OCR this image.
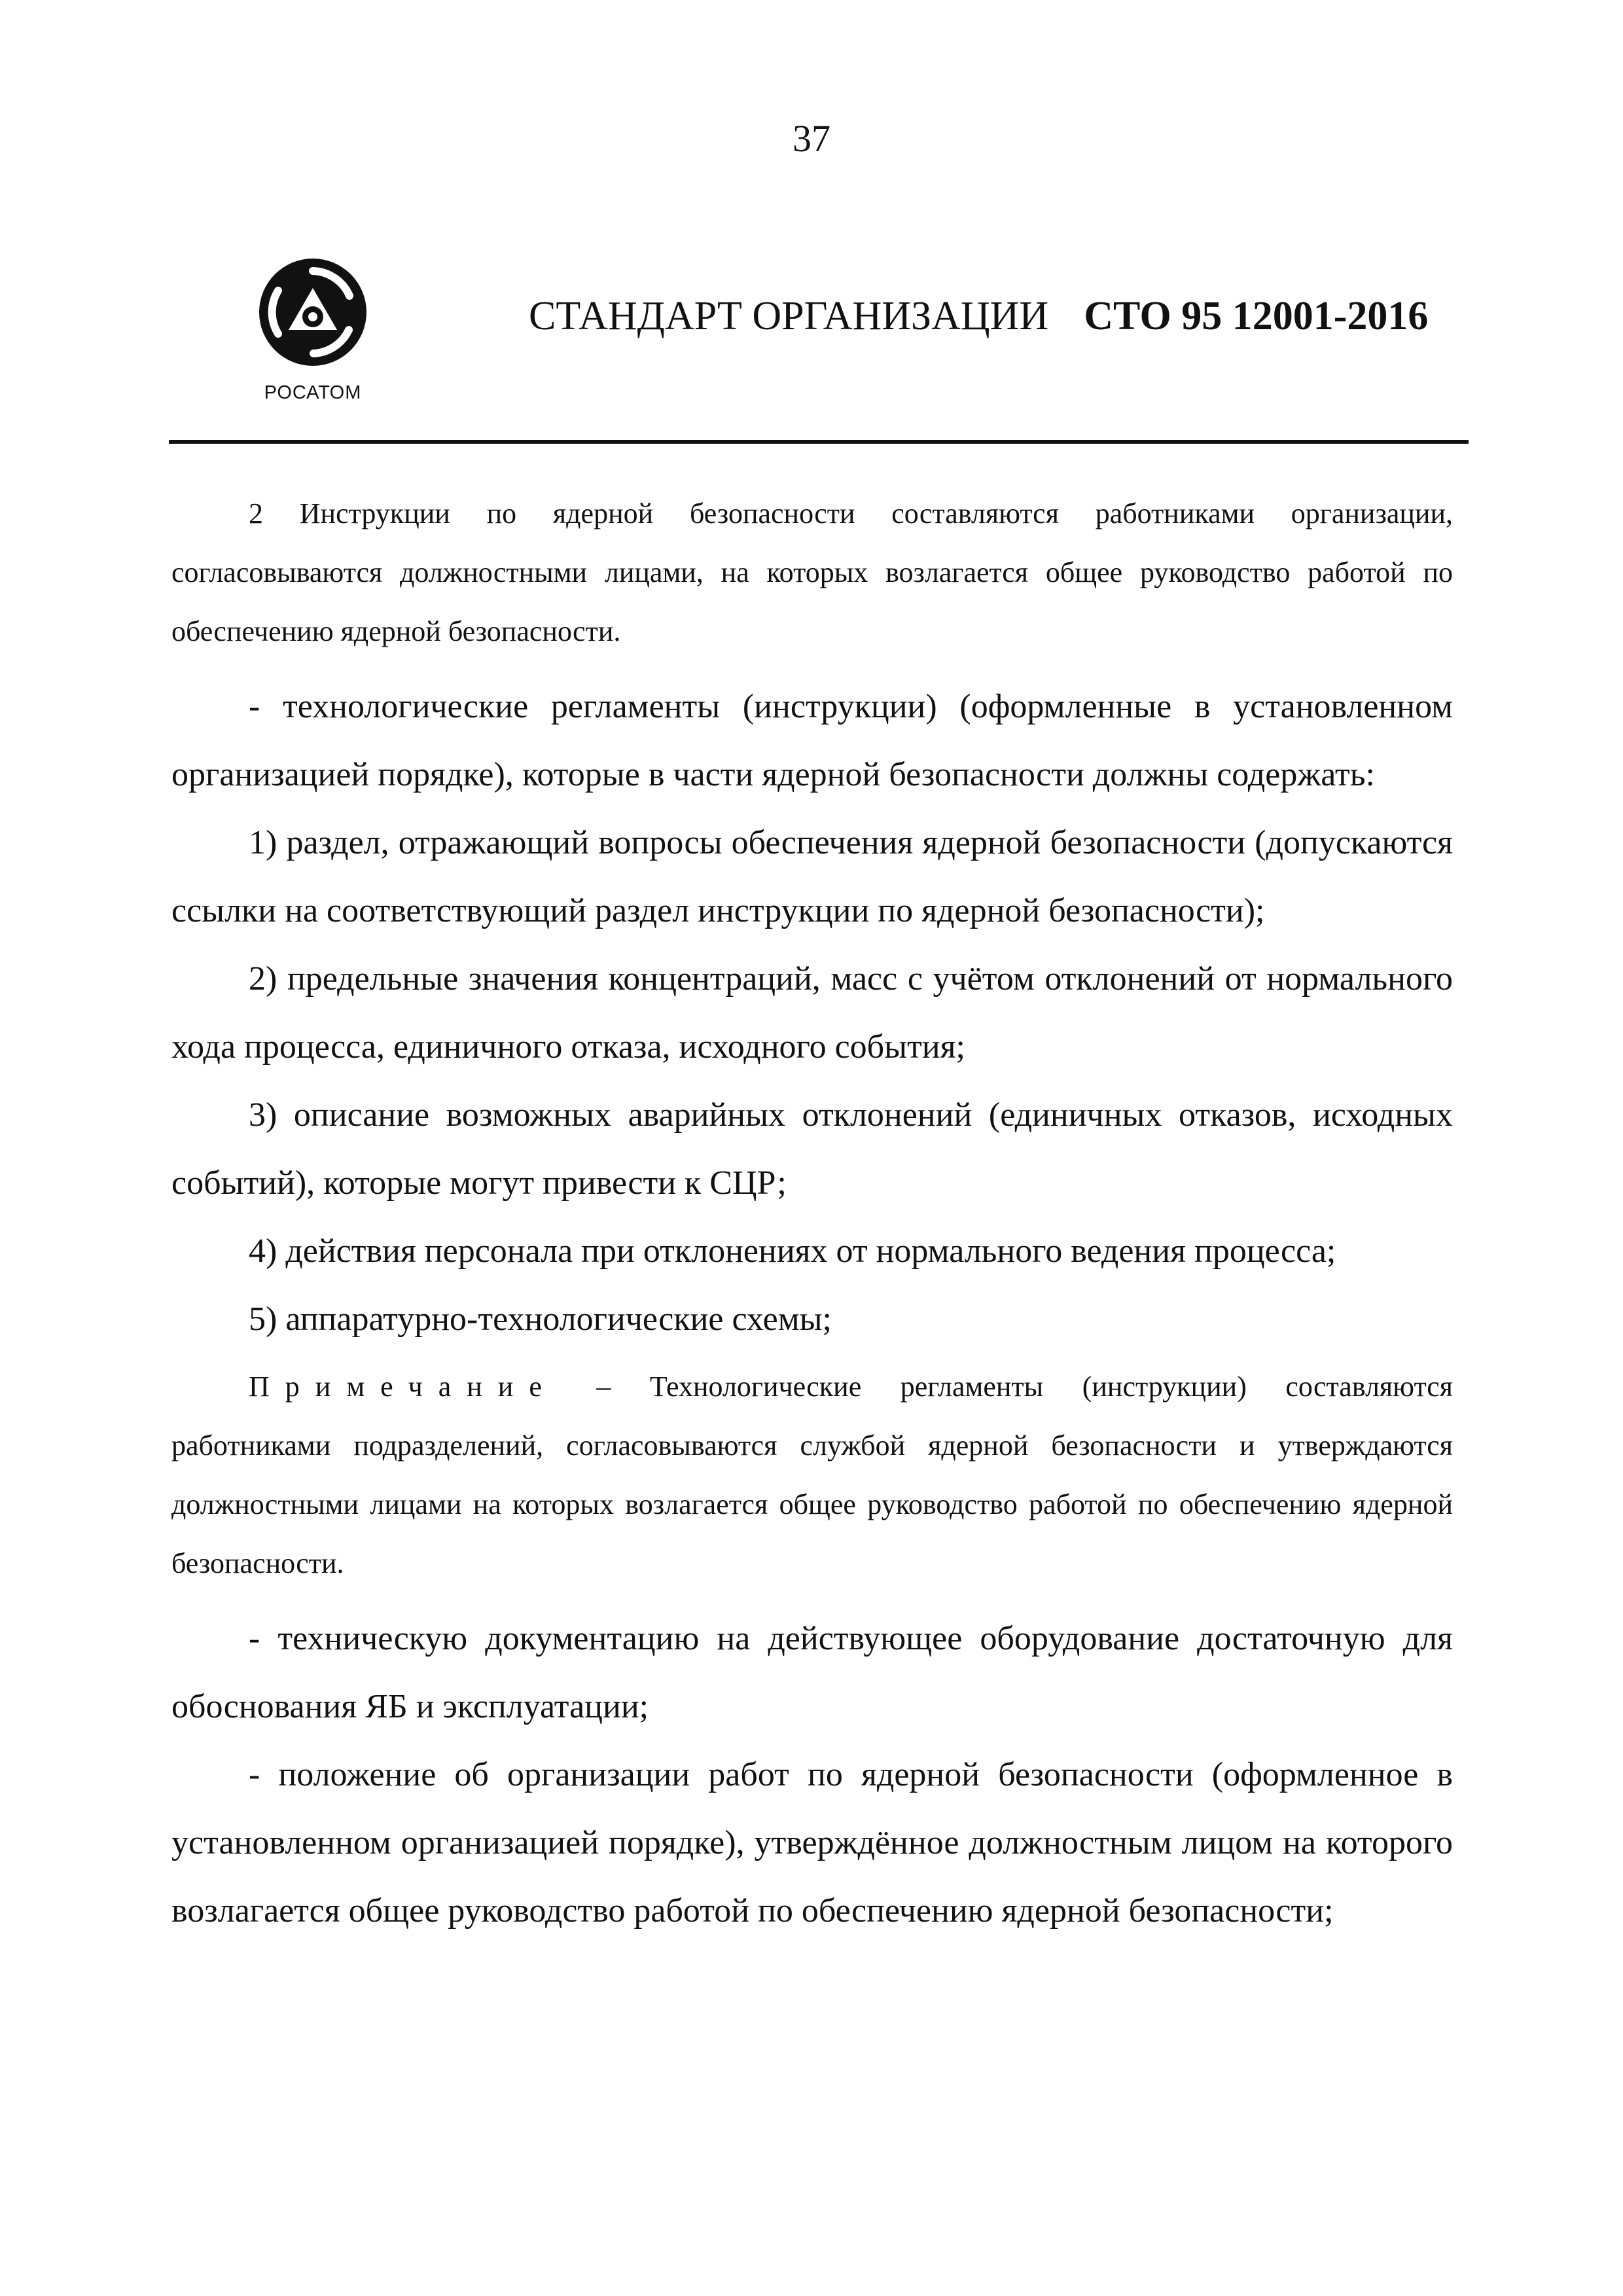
37
РОСАТОМ
СТАНДАРТ ОРГАНИЗАЦИИ СТО 95 12001-2016

2 Инструкции по ядерной безопасности составляются работниками организации, согласовываются должностными лицами, на которых возлагается общее руководство работой по обеспечению ядерной безопасности.

- технологические регламенты (инструкции) (оформленные в установленном организацией порядке), которые в части ядерной безопасности должны содержать:

1) раздел, отражающий вопросы обеспечения ядерной безопасности (допускаются ссылки на соответствующий раздел инструкции по ядерной безопасности);

2) предельные значения концентраций, масс с учётом отклонений от нормального хода процесса, единичного отказа, исходного события;

3) описание возможных аварийных отклонений (единичных отказов, исходных событий), которые могут привести к СЦР;

4) действия персонала при отклонениях от нормального ведения процесса;

5) аппаратурно-технологические схемы;

Примечание – Технологические регламенты (инструкции) составляются работниками подразделений, согласовываются службой ядерной безопасности и утверждаются должностными лицами на которых возлагается общее руководство работой по обеспечению ядерной безопасности.

- техническую документацию на действующее оборудование достаточную для обоснования ЯБ и эксплуатации;

- положение об организации работ по ядерной безопасности (оформленное в установленном организацией порядке), утверждённое должностным лицом на которого возлагается общее руководство работой по обеспечению ядерной безопасности;
